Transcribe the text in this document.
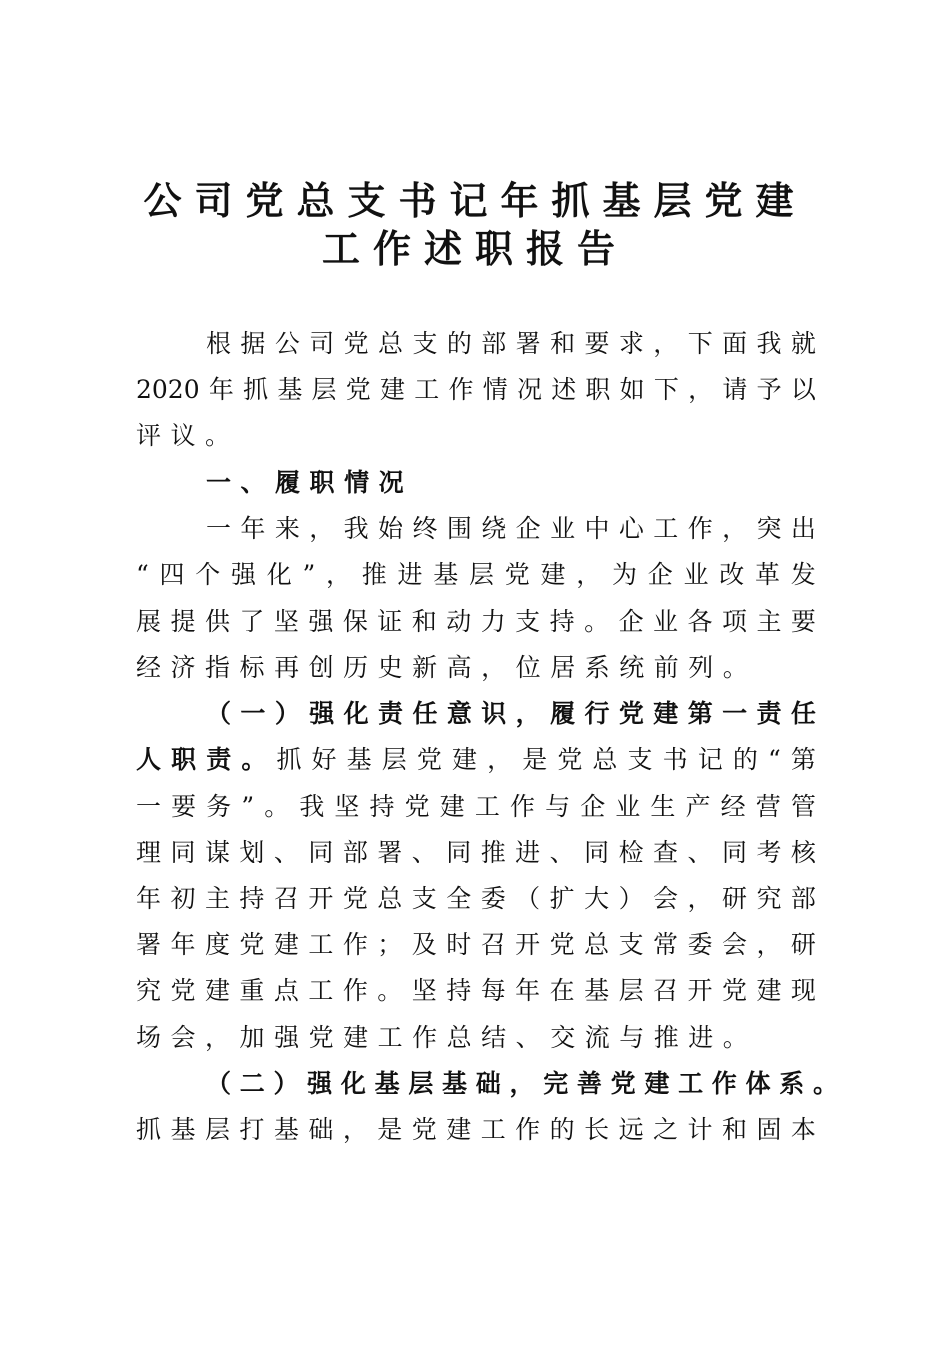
公司党总支书记年抓基层党建
工作述职报告
根 据 公 司 党 总 支 的 部 署 和 要 求 ， 下 面 我 就
2020 年 抓 基 层 党 建 工 作 情 况 述 职 如 下 ， 请 予 以
评 议 。
一 、 履 职 情 况
一 年 来 ， 我 始 终 围 绕 企 业 中 心 工 作 ， 突 出
“ 四 个 强 化 ” ， 推 进 基 层 党 建 ， 为 企 业 改 革 发
展 提 供 了 坚 强 保 证 和 动 力 支 持 。 企 业 各 项 主 要
经 济 指 标 再 创 历 史 新 高 ， 位 居 系 统 前 列 。
（ 一 ） 强 化 责 任 意 识 ， 履 行 党 建 第 一 责 任
人 职 责 。 抓 好 基 层 党 建 ， 是 党 总 支 书 记 的 “ 第
一 要 务 ” 。 我 坚 持 党 建 工 作 与 企 业 生 产 经 营 管
理 同 谋 划 、 同 部 署 、 同 推 进 、 同 检 查 、 同 考 核
年 初 主 持 召 开 党 总 支 全 委 （ 扩 大 ） 会 ， 研 究 部
署 年 度 党 建 工 作 ； 及 时 召 开 党 总 支 常 委 会 ， 研
究 党 建 重 点 工 作 。 坚 持 每 年 在 基 层 召 开 党 建 现
场 会 ， 加 强 党 建 工 作 总 结 、 交 流 与 推 进 。
（ 二 ） 强 化 基 层 基 础 ， 完 善 党 建 工 作 体 系 。
抓 基 层 打 基 础 ， 是 党 建 工 作 的 长 远 之 计 和 固 本
